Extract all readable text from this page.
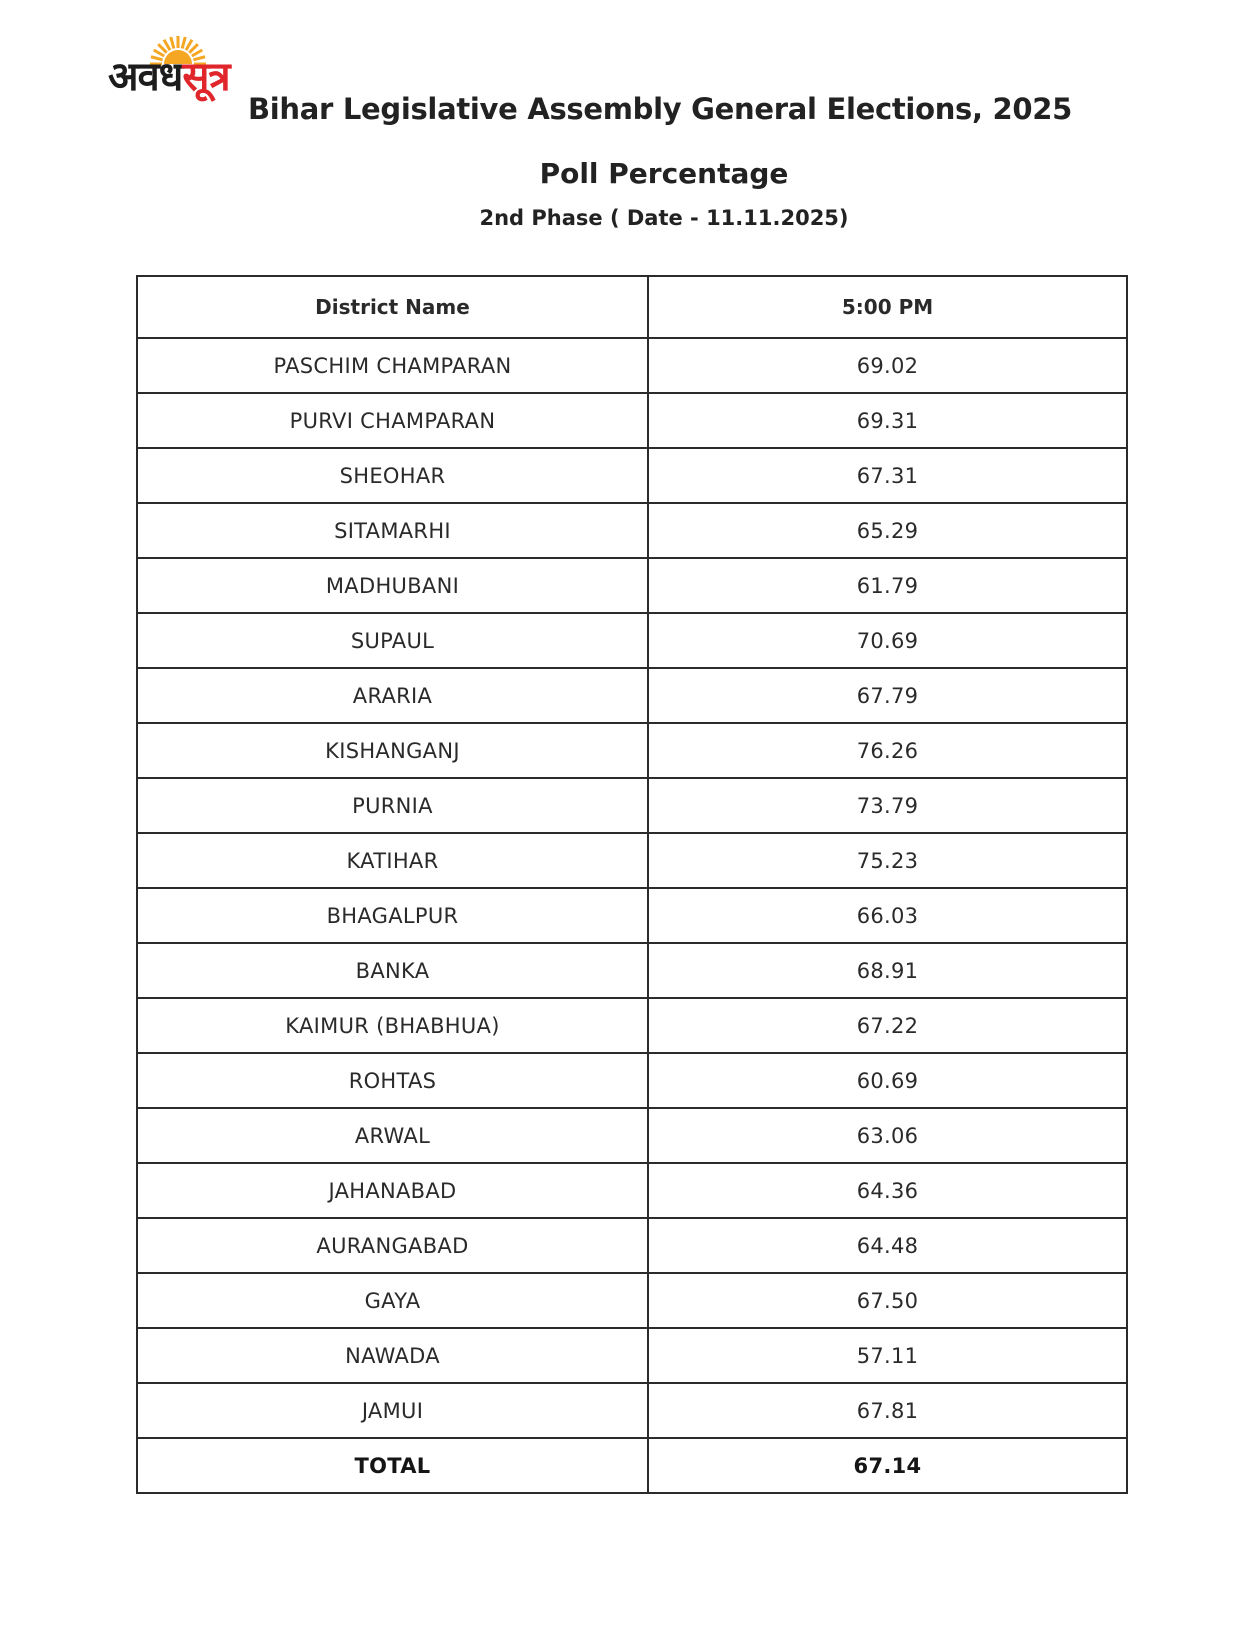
अवधसूत्र
Bihar Legislative Assembly General Elections, 2025
Poll Percentage
2nd Phase ( Date - 11.11.2025)
District Name	5:00 PM
PASCHIM CHAMPARAN	69.02
PURVI CHAMPARAN	69.31
SHEOHAR	67.31
SITAMARHI	65.29
MADHUBANI	61.79
SUPAUL	70.69
ARARIA	67.79
KISHANGANJ	76.26
PURNIA	73.79
KATIHAR	75.23
BHAGALPUR	66.03
BANKA	68.91
KAIMUR (BHABHUA)	67.22
ROHTAS	60.69
ARWAL	63.06
JAHANABAD	64.36
AURANGABAD	64.48
GAYA	67.50
NAWADA	57.11
JAMUI	67.81
TOTAL	67.14
